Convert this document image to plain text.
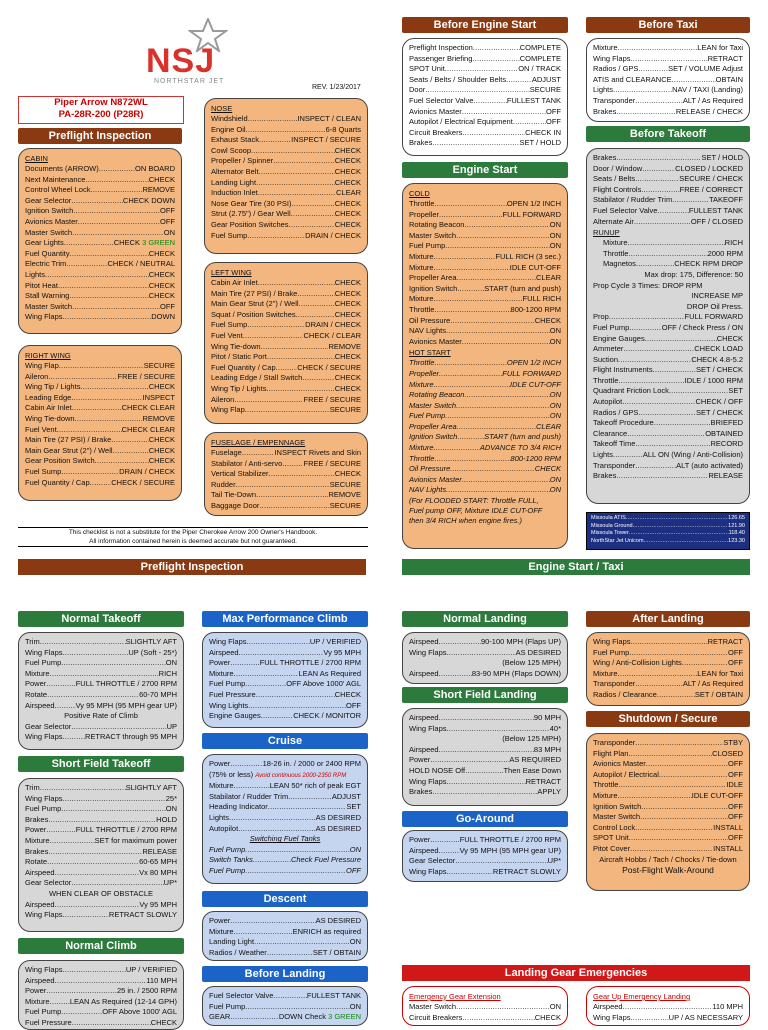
NSJ
NORTHSTAR JET
REV. 1/23/2017
Piper Arrow N872WL
PA-28R-200 (P28R)
Preflight Inspection
CABIN
Documents (ARROW) .....	ON BOARD
Next Maintenance .....	CHECK
Control Wheel Lock .....	REMOVE
Gear Selector .....	CHECK DOWN
Ignition Switch .....	OFF
Avionics Master .....	OFF
Master Switch .....	ON
Gear Lights .....	CHECK 3 GREEN
Fuel Quantity .....	CHECK
Electric Trim .....	CHECK / NEUTRAL
Lights .....	CHECK
Pitot Heat .....	CHECK
Stall Warning .....	CHECK
Master Switch .....	OFF
Wing Flaps .....	DOWN
RIGHT WING
Wing Flap .....	SECURE
Aileron .....	FREE / SECURE
Wing Tip / Lights .....	CHECK
Leading Edge .....	INSPECT
Cabin Air Inlet .....	CHECK CLEAR
Wing Tie-down .....	REMOVE
Fuel Vent .....	CHECK CLEAR
Main Tire (27 PSI) / Brake .....	CHECK
Main Gear Strut (2") / Well .....	CHECK
Gear Position Switch .....	CHECK
Fuel Sump .....	DRAIN / CHECK
Fuel Quantity / Cap .....	CHECK / SECURE
NOSE
Windshield .....	INSPECT / CLEAN
Engine Oil .....	6-8 Quarts
Exhaust Stack .....	INSPECT / SECURE
Cowl Scoop .....	CHECK
Propeller / Spinner .....	CHECK
Alternator Belt .....	CHECK
Landing Light .....	CHECK
Induction Inlet .....	CLEAR
Nose Gear Tire (30 PSI) .....	CHECK
Strut (2.75") / Gear Well .....	CHECK
Gear Position Switches .....	CHECK
Fuel Sump .....	DRAIN / CHECK
LEFT WING
Cabin Air Inlet .....	CHECK
Main Tire (27 PSI) / Brake .....	CHECK
Main Gear Strut (2") / Well .....	CHECK
Squat / Position Switches .....	CHECK
Fuel Sump .....	DRAIN / CHECK
Fuel Vent .....	CHECK / CLEAR
Wing Tie-down .....	REMOVE
Pitot / Static Port .....	CHECK
Fuel Quantity / Cap .....	CHECK / SECURE
Leading Edge / Stall Switch .....	CHECK
Wing Tip / Lights .....	CHECK
Aileron .....	FREE / SECURE
Wing Flap .....	SECURE
FUSELAGE / EMPENNAGE
Fuselage .....	INSPECT Rivets and Skin
Stabilator / Anti-servo .....	FREE / SECURE
Vertical Stabilizer .....	CHECK
Rudder .....	SECURE
Tail Tie-Down .....	REMOVE
Baggage Door .....	SECURE
This checklist is not a substitute for the Piper Cherokee Arrow 200 Owner's Handbook.
All information contained herein is deemed accurate but not guaranteed.
Preflight Inspection
Before Engine Start
Preflight Inspection .....	COMPLETE
Passenger Briefing .....	COMPLETE
SPOT Unit .....	ON / TRACK
Seats / Belts / Shoulder Belts .....	ADJUST
Door .....	SECURE
Fuel Selector Valve .....	FULLEST TANK
Avionics Master .....	OFF
Autopilot / Electrical Equipment .....	OFF
Circuit Breakers .....	CHECK IN
Brakes .....	SET / HOLD
Engine Start
COLD
Throttle .....	OPEN 1/2 INCH
Propeller .....	FULL FORWARD
Rotating Beacon .....	ON
Master Switch .....	ON
Fuel Pump .....	ON
Mixture .....	FULL RICH (3 sec.)
Mixture .....	IDLE CUT-OFF
Propeller Area .....	CLEAR
Ignition Switch .....	START (turn and push)
Mixture .....	FULL RICH
Throttle .....	800-1200 RPM
Oil Pressure .....	CHECK
NAV Lights .....	ON
Avionics Master .....	ON
HOT START
Throttle .....	OPEN 1/2 INCH
Propeller .....	FULL FORWARD
Mixture .....	IDLE CUT-OFF
Rotating Beacon .....	ON
Master Switch .....	ON
Fuel Pump .....	ON
Propeller Area .....	CLEAR
Ignition Switch .....	START (turn and push)
Mixture .....	ADVANCE TO 3/4 RICH
Throttle .....	800-1200 RPM
Oil Pressure .....	CHECK
Avionics Master .....	ON
NAV Lights .....	ON
(For FLOODED START: Throttle FULL,
Fuel pump OFF, Mixture IDLE CUT-OFF
then 3/4 RICH when engine fires.)
Engine Start / Taxi
Before Taxi
Mixture .....	LEAN for Taxi
Wing Flaps .....	RETRACT
Radios / GPS .....	SET / VOLUME Adjust
ATIS and CLEARANCE .....	OBTAIN
Lights .....	NAV / TAXI (Landing)
Transponder .....	ALT / As Required
Brakes .....	RELEASE / CHECK
Before Takeoff
Brakes .....	SET / HOLD
Door / Window .....	CLOSED / LOCKED
Seats / Belts .....	SECURE / CHECK
Flight Controls .....	FREE / CORRECT
Stabilator / Rudder Trim .....	TAKEOFF
Fuel Selector Valve .....	FULLEST TANK
Alternate Air .....	OFF / CLOSED
RUNUP
Mixture .....	RICH
Throttle .....	2000 RPM
Magnetos .....	CHECK RPM DROP
Max drop: 175, Difference: 50
Prop Cycle 3 Times: DROP RPM
INCREASE MP
DROP Oil Press.
Prop .....	FULL FORWARD
Fuel Pump .....	OFF / Check Press / ON
Engine Gauges .....	CHECK
Ammeter .....	CHECK LOAD
Suction .....	CHECK 4.8-5.2
Flight Instruments .....	SET / CHECK
Throttle .....	IDLE / 1000 RPM
Quadrant Friction Lock .....	SET
Autopilot .....	CHECK / OFF
Radios / GPS .....	SET / CHECK
Takeoff Procedure .....	BRIEFED
Clearance .....	OBTAINED
Takeoff Time .....	RECORD
Lights .....	ALL ON (Wing / Anti-Collision)
Transponder .....	ALT (auto activated)
Brakes .....	RELEASE
Missoula ATIS .....	126.65
Missoula Ground .....	121.90
Missoula Tower .....	118.40
NorthStar Jet Unicom .....	123.30
Normal Takeoff
Trim .....	SLIGHTLY AFT
Wing Flaps .....	UP (Soft - 25*)
Fuel Pump .....	ON
Mixture .....	RICH
Power .....	FULL THROTTLE / 2700 RPM
Rotate .....	60-70 MPH
Airspeed .....	Vy 95 MPH (95 MPH gear UP)
Positive Rate of Climb
Gear Selector .....	UP
Wing Flaps .....	RETRACT through 95 MPH
Short Field Takeoff
Trim .....	SLIGHTLY AFT
Wing Flaps .....	25*
Fuel Pump .....	ON
Brakes .....	HOLD
Power .....	FULL THROTTLE / 2700 RPM
Mixture .....	SET for maximum power
Brakes .....	RELEASE
Rotate .....	60-65 MPH
Airspeed .....	Vx 80 MPH
Gear Selector .....	UP*
WHEN CLEAR OF OBSTACLE
Airspeed .....	Vy 95 MPH
Wing Flaps .....	RETRACT SLOWLY
Normal Climb
Wing Flaps .....	UP / VERIFIED
Airspeed .....	110 MPH
Power .....	25 in. / 2500 RPM
Mixture .....	LEAN As Required (12-14 GPH)
Fuel Pump .....	OFF Above 1000' AGL
Fuel Pressure .....	CHECK
Max Performance Climb
Wing Flaps .....	UP / VERIFIED
Airspeed .....	Vy 95 MPH
Power .....	FULL THROTTLE / 2700 RPM
Mixture .....	LEAN As Required
Fuel Pump .....	OFF Above 1000' AGL
Fuel Pressure .....	CHECK
Wing Lights .....	OFF
Engine Gauges .....	CHECK / MONITOR
Cruise
Power .....	18-26 in. / 2000 or 2400 RPM
(75% or less) Avoid continuous 2000-2350 RPM
Mixture .....	LEAN 50* rich of peak EGT
Stabilator / Rudder Trim .....	ADJUST
Heading Indicator .....	SET
Lights .....	AS DESIRED
Autopilot .....	AS DESIRED
Switching Fuel Tanks
Fuel Pump .....	ON
Switch Tanks .....	Check Fuel Pressure
Fuel Pump .....	OFF
Descent
Power .....	AS DESIRED
Mixture .....	ENRICH as required
Landing Light .....	ON
Radios / Weather .....	SET / OBTAIN
Before Landing
Fuel Selector Valve .....	FULLEST TANK
Fuel Pump .....	ON
GEAR .....	DOWN Check 3 GREEN
Normal Landing
Airspeed .....	90-100 MPH (Flaps UP)
Wing Flaps .....	AS DESIRED
(Below 125 MPH)
Airspeed .....	83-90 MPH (Flaps DOWN)
Short Field Landing
Airspeed .....	90 MPH
Wing Flaps .....	40*
(Below 125 MPH)
Airspeed .....	83 MPH
Power .....	AS REQUIRED
HOLD NOSE Off .....	Then Ease Down
Wing Flaps .....	RETRACT
Brakes .....	APPLY
Go-Around
Power .....	FULL THROTTLE / 2700 RPM
Airspeed .....	Vy 95 MPH (95 MPH gear UP)
Gear Selector .....	UP*
Wing Flaps .....	RETRACT SLOWLY
After Landing
Wing Flaps .....	RETRACT
Fuel Pump .....	OFF
Wing / Anti-Collision Lights .....	OFF
Mixture .....	LEAN for Taxi
Transponder .....	ALT / As Required
Radios / Clearance .....	SET / OBTAIN
Shutdown / Secure
Transponder .....	STBY
Flight Plan .....	CLOSED
Avionics Master .....	OFF
Autopilot / Electrical .....	OFF
Throttle .....	IDLE
Mixture .....	IDLE CUT-OFF
Ignition Switch .....	OFF
Master Switch .....	OFF
Control Lock .....	INSTALL
SPOT Unit .....	OFF
Pitot Cover .....	INSTALL
Aircraft Hobbs / Tach / Chocks / Tie-down
Post-Flight Walk-Around
Landing Gear Emergencies
Emergency Gear Extension
Master Switch .....	ON
Circuit Breakers .....	CHECK
Gear Up Emergency Landing
Airspeed .....	110 MPH
Wing Flaps .....	UP / AS NECESSARY
